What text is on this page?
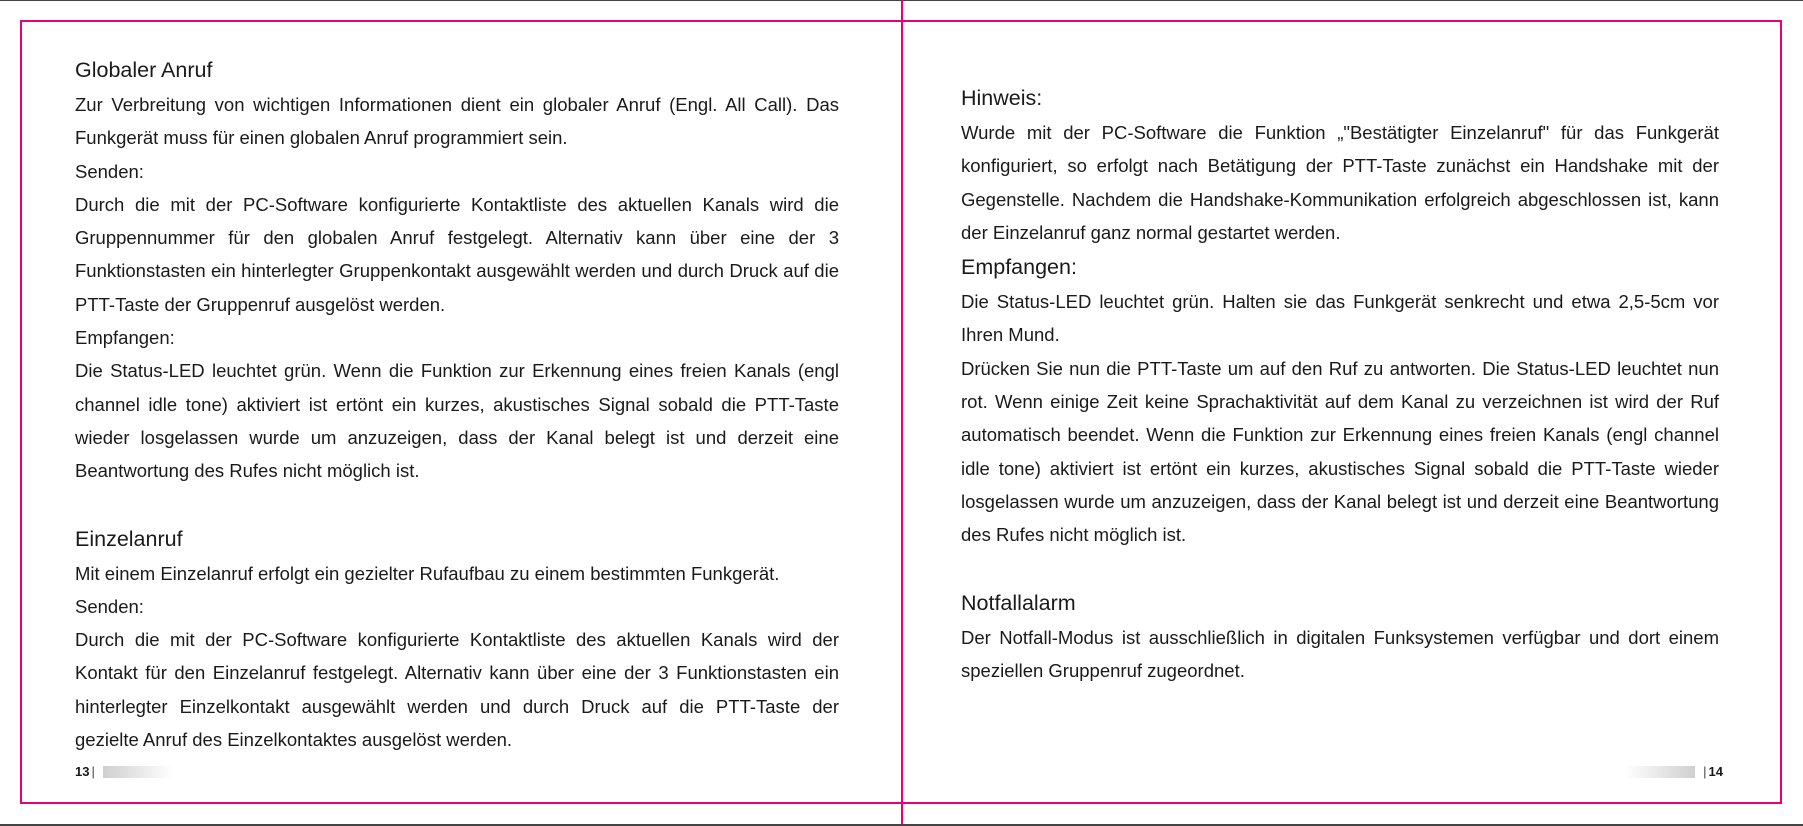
Globaler Anruf

Zur Verbreitung von wichtigen Informationen dient ein globaler Anruf (Engl. All Call). Das Funkgerät muss für einen globalen Anruf programmiert sein.

Senden:

Durch die mit der PC-Software konfigurierte Kontaktliste des aktuellen Kanals wird die Gruppennummer für den globalen Anruf festgelegt. Alternativ kann über eine der 3 Funktionstasten ein hinterlegter Gruppenkontakt ausgewählt werden und durch Druck auf die PTT-Taste der Gruppenruf ausgelöst werden.

Empfangen:

Die Status-LED leuchtet grün. Wenn die Funktion zur Erkennung eines freien Kanals (engl channel idle tone) aktiviert ist ertönt ein kurzes, akustisches Signal sobald die PTT-Taste wieder losgelassen wurde um anzuzeigen, dass der Kanal belegt ist und derzeit eine Beantwortung des Rufes nicht möglich ist.

Einzelanruf

Mit einem Einzelanruf erfolgt ein gezielter Rufaufbau zu einem bestimmten Funkgerät.

Senden:

Durch die mit der PC-Software konfigurierte Kontaktliste des aktuellen Kanals wird der Kontakt für den Einzelanruf festgelegt. Alternativ kann über eine der 3 Funktionstasten ein hinterlegter Einzelkontakt ausgewählt werden und durch Druck auf die PTT-Taste der gezielte Anruf des Einzelkontaktes ausgelöst werden.

13 |
Hinweis:

Wurde mit der PC-Software die Funktion „"Bestätigter Einzelanruf" für das Funkgerät konfiguriert, so erfolgt nach Betätigung der PTT-Taste zunächst ein Handshake mit der Gegenstelle. Nachdem die Handshake-Kommunikation erfolgreich abgeschlossen ist, kann der Einzelanruf ganz normal gestartet werden.

Empfangen:

Die Status-LED leuchtet grün. Halten sie das Funkgerät senkrecht und etwa 2,5-5cm vor Ihren Mund.

Drücken Sie nun die PTT-Taste um auf den Ruf zu antworten. Die Status-LED leuchtet nun rot. Wenn einige Zeit keine Sprachaktivität auf dem Kanal zu verzeichnen ist wird der Ruf automatisch beendet. Wenn die Funktion zur Erkennung eines freien Kanals (engl channel idle tone) aktiviert ist ertönt ein kurzes, akustisches Signal sobald die PTT-Taste wieder losgelassen wurde um anzuzeigen, dass der Kanal belegt ist und derzeit eine Beantwortung des Rufes nicht möglich ist.

Notfallalarm

Der Notfall-Modus ist ausschließlich in digitalen Funksystemen verfügbar und dort einem speziellen Gruppenruf zugeordnet.

| 14
